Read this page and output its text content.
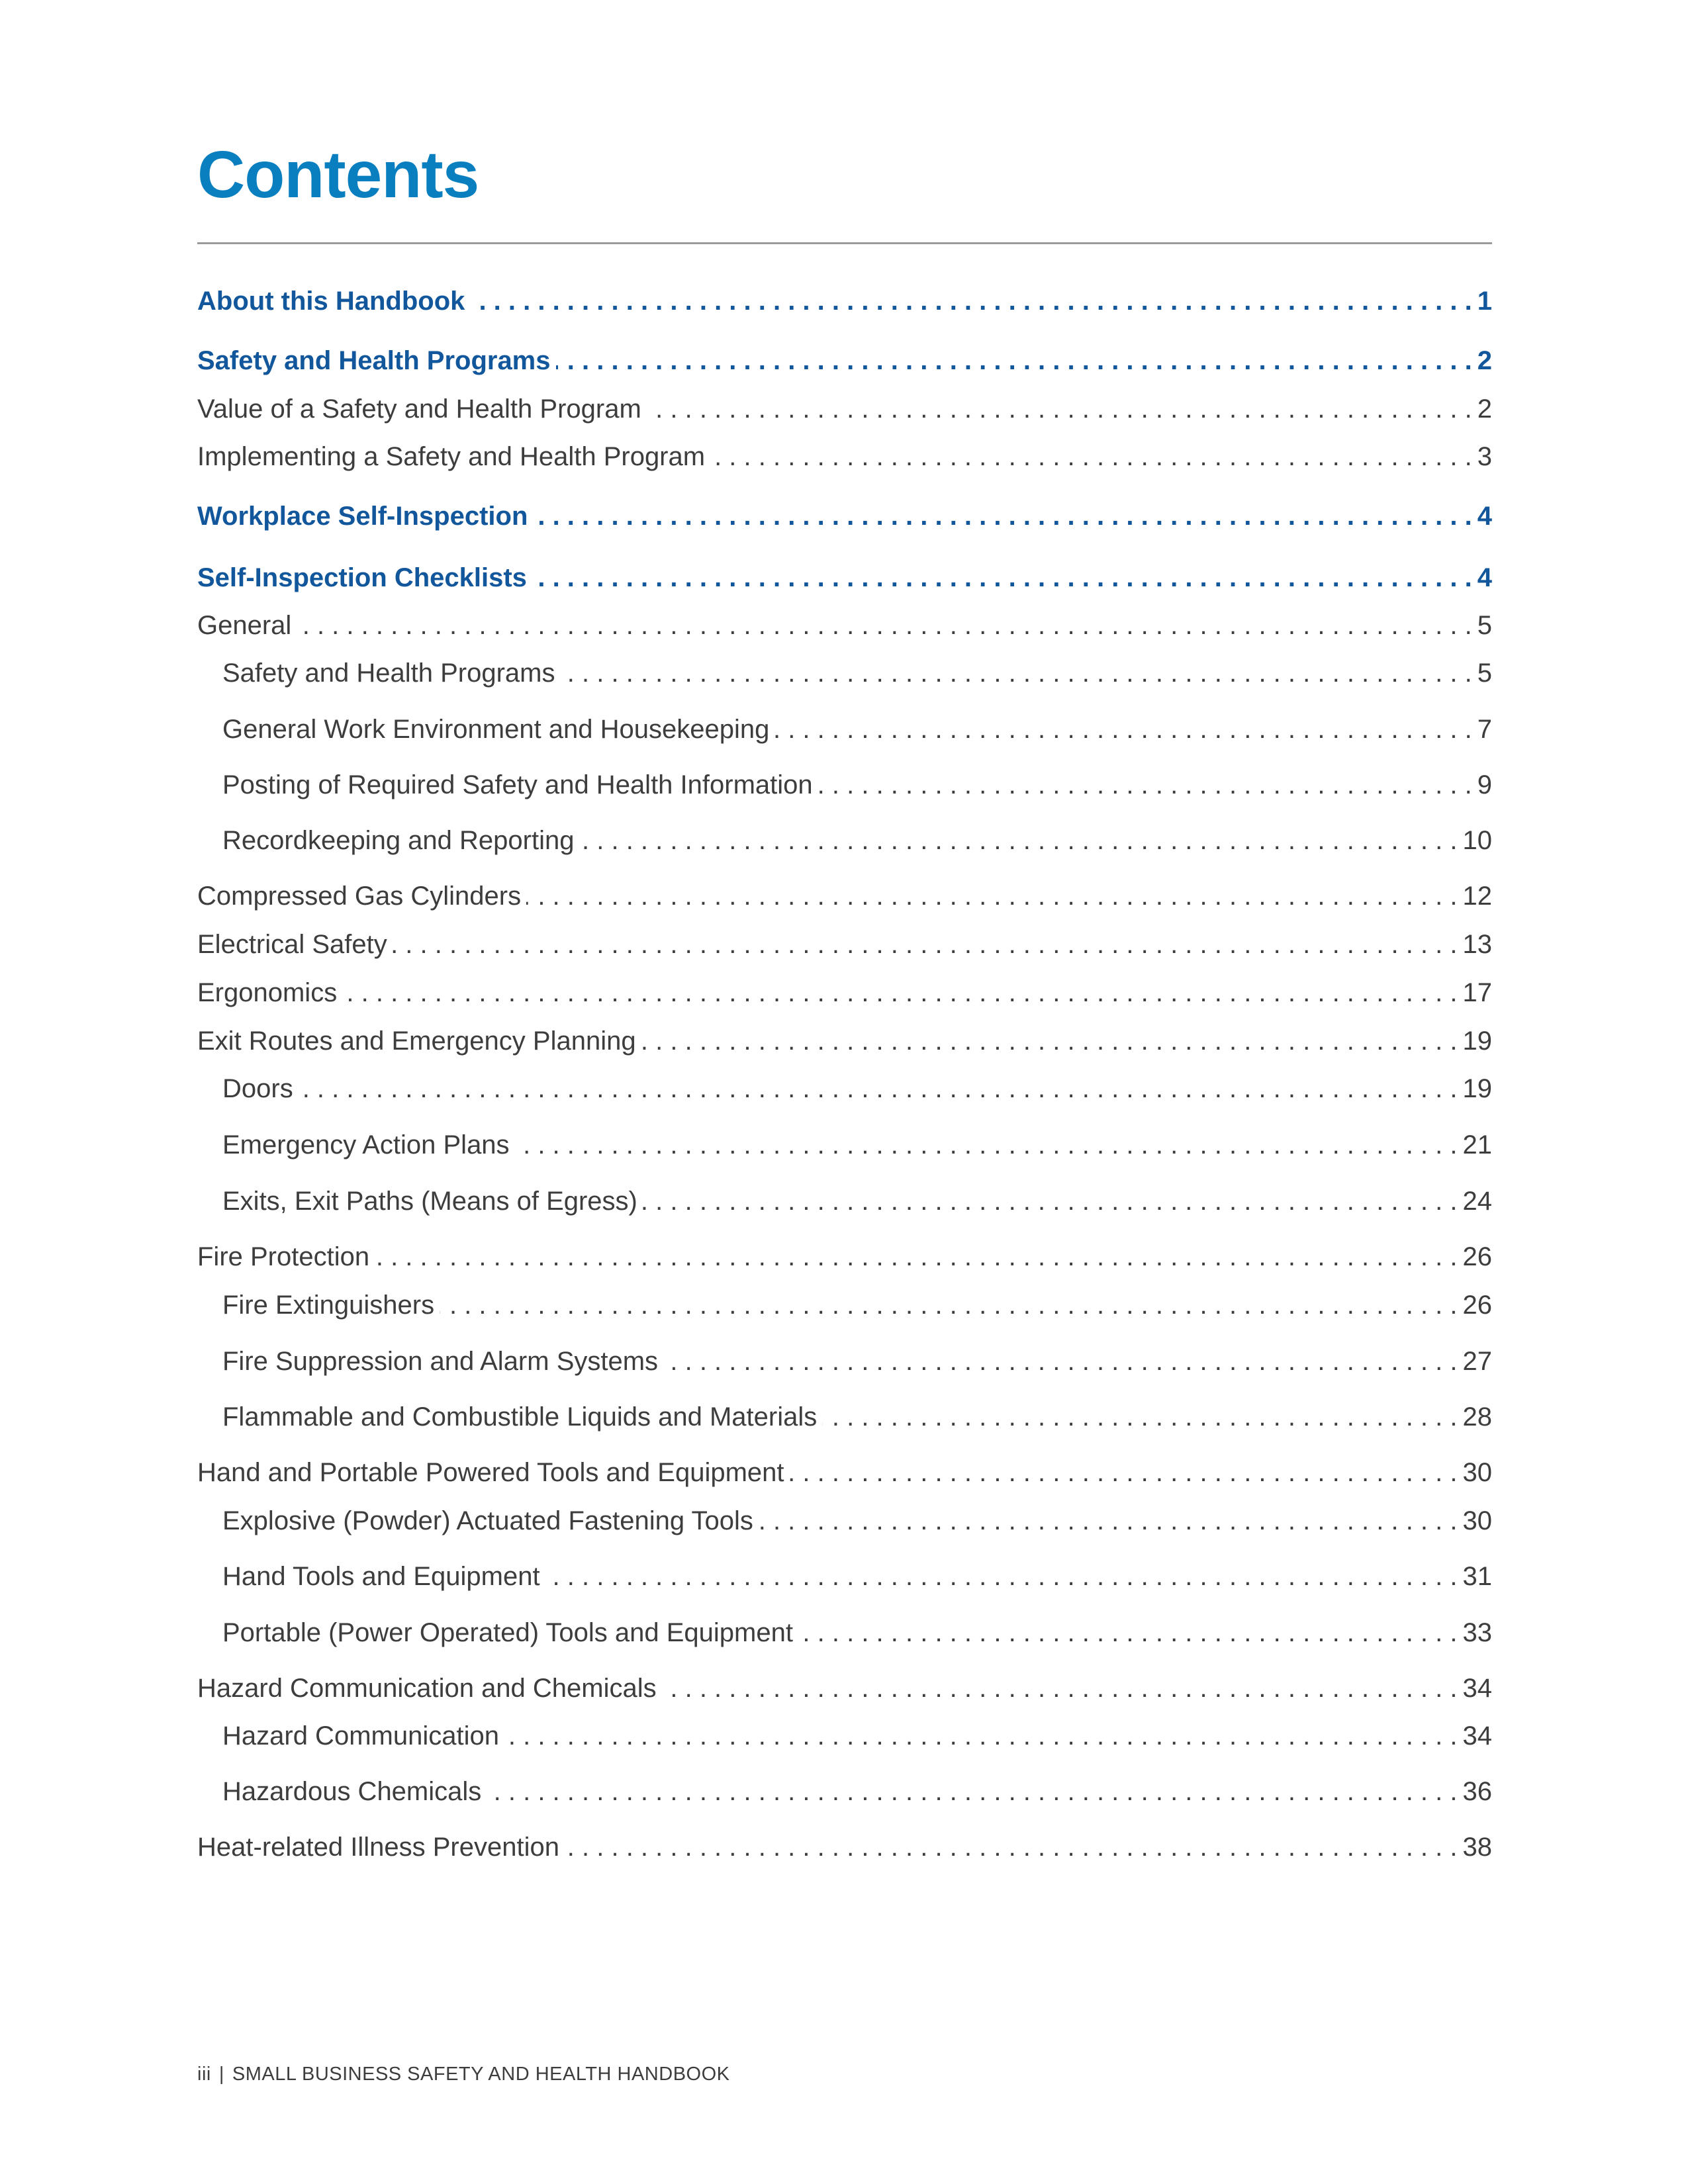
Contents
About this Handbook . . .	1
Safety and Health Programs . . .	2
Value of a Safety and Health Program . . .	2
Implementing a Safety and Health Program . . .	3
Workplace Self-Inspection . . .	4
Self-Inspection Checklists . . .	4
General . . .	5
Safety and Health Programs . . .	5
General Work Environment and Housekeeping . . .	7
Posting of Required Safety and Health Information . . .	9
Recordkeeping and Reporting . . .	10
Compressed Gas Cylinders . . .	12
Electrical Safety . . .	13
Ergonomics . . .	17
Exit Routes and Emergency Planning . . .	19
Doors . . .	19
Emergency Action Plans . . .	21
Exits, Exit Paths (Means of Egress) . . .	24
Fire Protection . . .	26
Fire Extinguishers . . .	26
Fire Suppression and Alarm Systems . . .	27
Flammable and Combustible Liquids and Materials . . .	28
Hand and Portable Powered Tools and Equipment . . .	30
Explosive (Powder) Actuated Fastening Tools . . .	30
Hand Tools and Equipment . . .	31
Portable (Power Operated) Tools and Equipment . . .	33
Hazard Communication and Chemicals . . .	34
Hazard Communication . . .	34
Hazardous Chemicals . . .	36
Heat-related Illness Prevention . . .	38
iii | SMALL BUSINESS SAFETY AND HEALTH HANDBOOK
